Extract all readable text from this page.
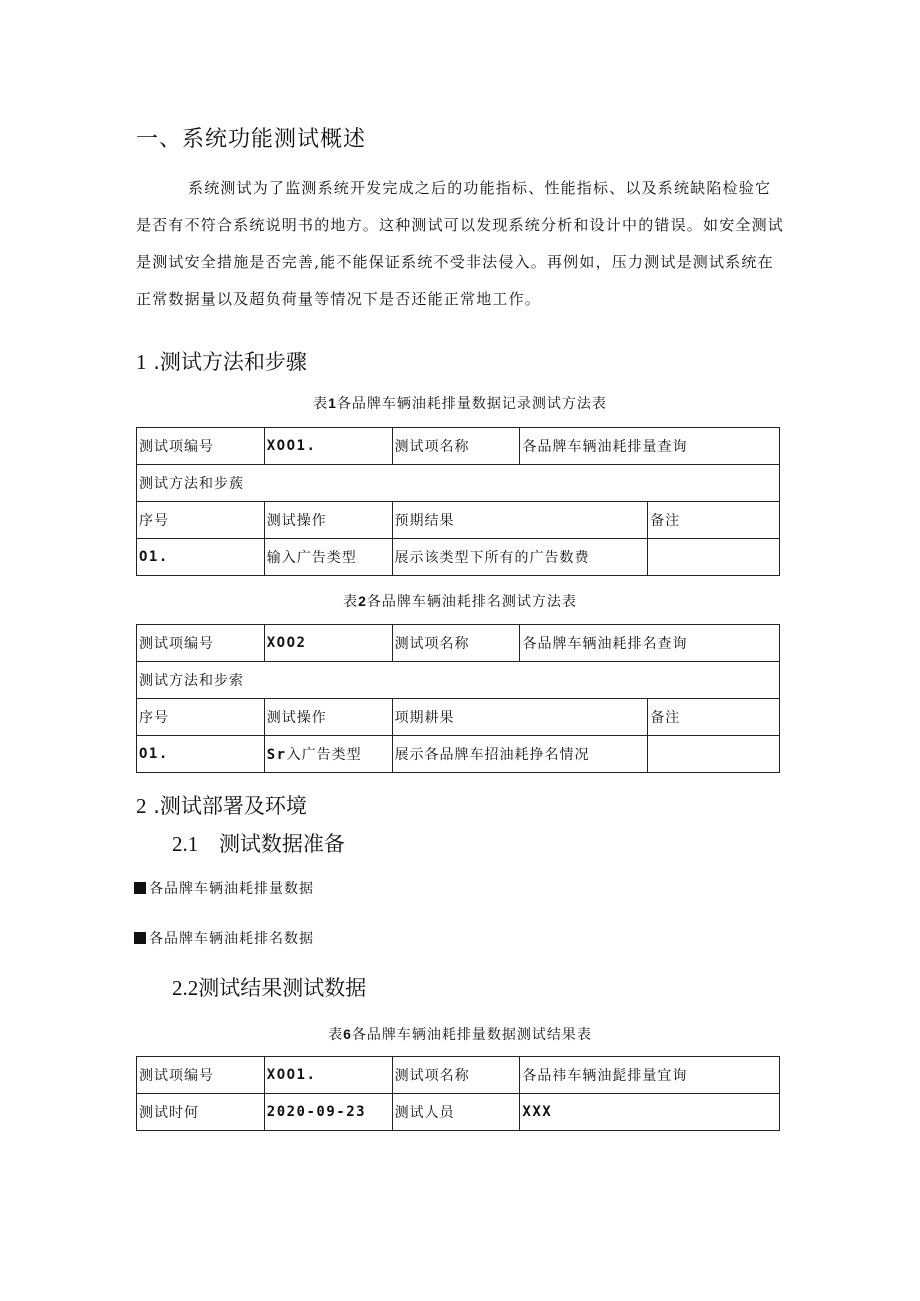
一、系统功能测试概述

系统测试为了监测系统开发完成之后的功能指标、性能指标、以及系统缺陷检验它是否有不符合系统说明书的地方。这种测试可以发现系统分析和设计中的错误。如安全测试是测试安全措施是否完善,能不能保证系统不受非法侵入。再例如，压力测试是测试系统在正常数据量以及超负荷量等情况下是否还能正常地工作。

1 .测试方法和步骤
表1各品牌车辆油耗排量数据记录测试方法表
测试项编号	XOO1.	测试项名称	各品牌车辆油耗排量查询	
测试方法和步蔟				
序号	测试操作	预期结果		备注
O1.	输入广告类型	展示该类型下所有的广告数费		
表2各品牌车辆油耗排名测试方法表
测试项编号	XOO2	测试项名称	各品牌车辆油耗排名查询	
测试方法和步索				
序号	测试操作	项期耕果		备注
O1.	Sr入广告类型	展示各品牌车招油耗挣名情况		
2 .测试部署及环境
2.1 测试数据准备
各品牌车辆油耗排量数据
各品牌车辆油耗排名数据
2.2测试结果测试数据
表6各品牌车辆油耗排量数据测试结果表
测试项编号	XOO1.	测试项名称	各品祎车辆油髭排量宜询
测试时何	2020-09-23	测试人员	XXX
